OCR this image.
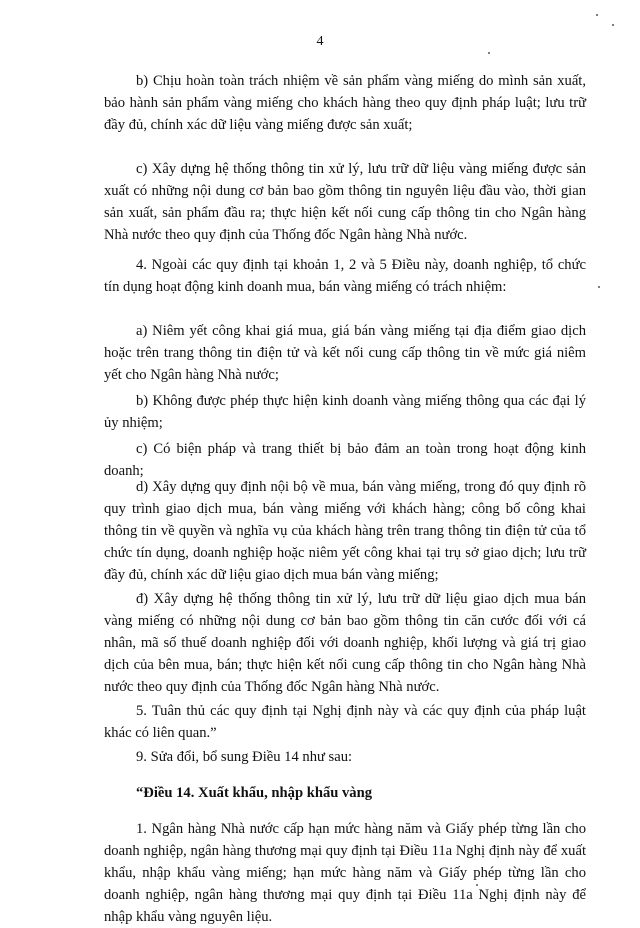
4

b) Chịu hoàn toàn trách nhiệm về sản phẩm vàng miếng do mình sản xuất, bảo hành sản phẩm vàng miếng cho khách hàng theo quy định pháp luật; lưu trữ đầy đủ, chính xác dữ liệu vàng miếng được sản xuất;

c) Xây dựng hệ thống thông tin xử lý, lưu trữ dữ liệu vàng miếng được sản xuất có những nội dung cơ bản bao gồm thông tin nguyên liệu đầu vào, thời gian sản xuất, sản phẩm đầu ra; thực hiện kết nối cung cấp thông tin cho Ngân hàng Nhà nước theo quy định của Thống đốc Ngân hàng Nhà nước.

4. Ngoài các quy định tại khoản 1, 2 và 5 Điều này, doanh nghiệp, tổ chức tín dụng hoạt động kinh doanh mua, bán vàng miếng có trách nhiệm:

a) Niêm yết công khai giá mua, giá bán vàng miếng tại địa điểm giao dịch hoặc trên trang thông tin điện tử và kết nối cung cấp thông tin về mức giá niêm yết cho Ngân hàng Nhà nước;

b) Không được phép thực hiện kinh doanh vàng miếng thông qua các đại lý ủy nhiệm;

c) Có biện pháp và trang thiết bị bảo đảm an toàn trong hoạt động kinh doanh;

d) Xây dựng quy định nội bộ về mua, bán vàng miếng, trong đó quy định rõ quy trình giao dịch mua, bán vàng miếng với khách hàng; công bố công khai thông tin về quyền và nghĩa vụ của khách hàng trên trang thông tin điện tử của tổ chức tín dụng, doanh nghiệp hoặc niêm yết công khai tại trụ sở giao dịch; lưu trữ đầy đủ, chính xác dữ liệu giao dịch mua bán vàng miếng;

đ) Xây dựng hệ thống thông tin xử lý, lưu trữ dữ liệu giao dịch mua bán vàng miếng có những nội dung cơ bản bao gồm thông tin căn cước đối với cá nhân, mã số thuế doanh nghiệp đối với doanh nghiệp, khối lượng và giá trị giao dịch của bên mua, bán; thực hiện kết nối cung cấp thông tin cho Ngân hàng Nhà nước theo quy định của Thống đốc Ngân hàng Nhà nước.

5. Tuân thủ các quy định tại Nghị định này và các quy định của pháp luật khác có liên quan.”

9. Sửa đổi, bổ sung Điều 14 như sau:

“Điều 14. Xuất khẩu, nhập khẩu vàng

1. Ngân hàng Nhà nước cấp hạn mức hàng năm và Giấy phép từng lần cho doanh nghiệp, ngân hàng thương mại quy định tại Điều 11a Nghị định này để xuất khẩu, nhập khẩu vàng miếng; hạn mức hàng năm và Giấy phép từng lần cho doanh nghiệp, ngân hàng thương mại quy định tại Điều 11a Nghị định này để nhập khẩu vàng nguyên liệu.
